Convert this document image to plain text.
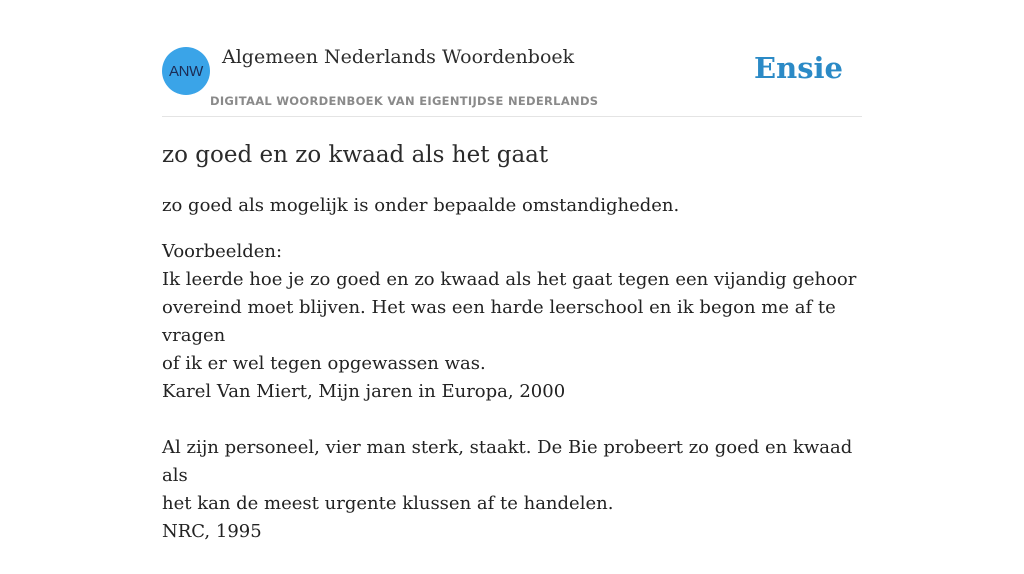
ANW
Algemeen Nederlands Woordenboek
DIGITAAL WOORDENBOEK VAN EIGENTIJDSE NEDERLANDS
Ensie
zo goed en zo kwaad als het gaat
zo goed als mogelijk is onder bepaalde omstandigheden.
Voorbeelden:
Ik leerde hoe je zo goed en zo kwaad als het gaat tegen een vijandig gehoor
overeind moet blijven. Het was een harde leerschool en ik begon me af te vragen
of ik er wel tegen opgewassen was.
Karel Van Miert, Mijn jaren in Europa, 2000
Al zijn personeel, vier man sterk, staakt. De Bie probeert zo goed en kwaad als
het kan de meest urgente klussen af te handelen.
NRC, 1995
